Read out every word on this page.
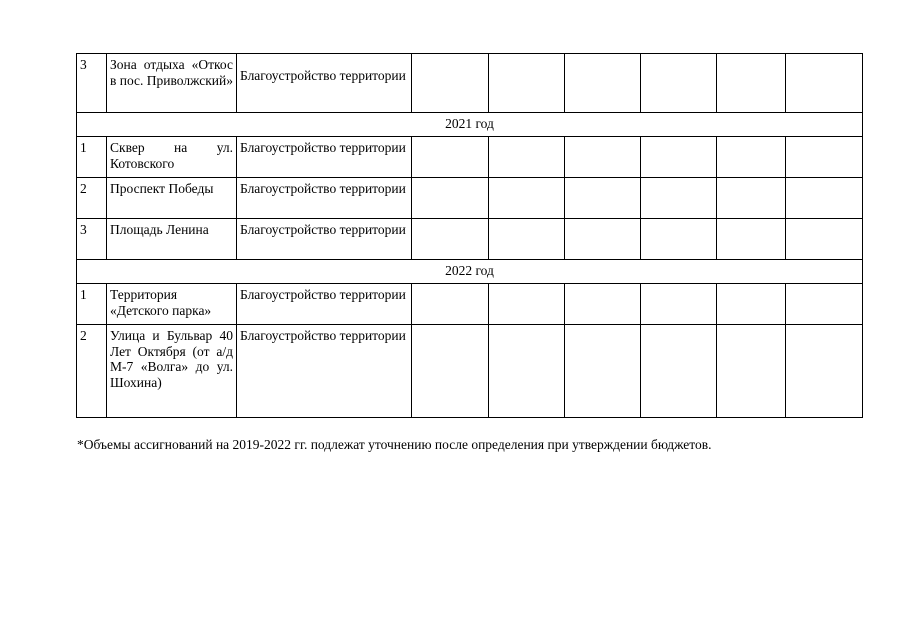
3	Зона отдыха «Откос в пос. Приволжский»	Благоустройство территории						
2021 год								
1	Сквер на ул. Котовского	Благоустройство территории						
2	Проспект Победы	Благоустройство территории						
3	Площадь Ленина	Благоустройство территории						
2022 год								
1	Территория «Детского парка»	Благоустройство территории						
2	Улица и Бульвар 40 Лет Октября (от а/д М-7 «Волга» до ул. Шохина)	Благоустройство территории						
*Объемы ассигнований на 2019-2022 гг. подлежат уточнению после определения при утверждении бюджетов.
